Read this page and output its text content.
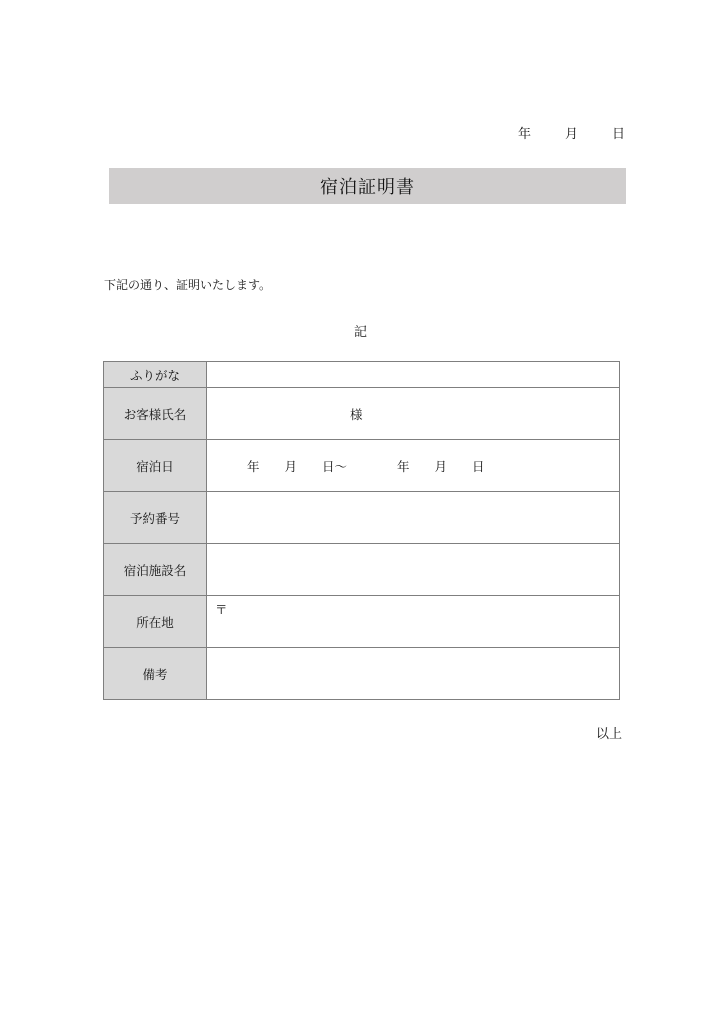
年	月	日
宿泊証明書
下記の通り、証明いたします。
記
ふりがな	
お客様氏名	様

宿泊日	年　　月　　日～　　　　年　　月　　日

予約番号	
宿泊施設名	
所在地	〒

備考	
以上
